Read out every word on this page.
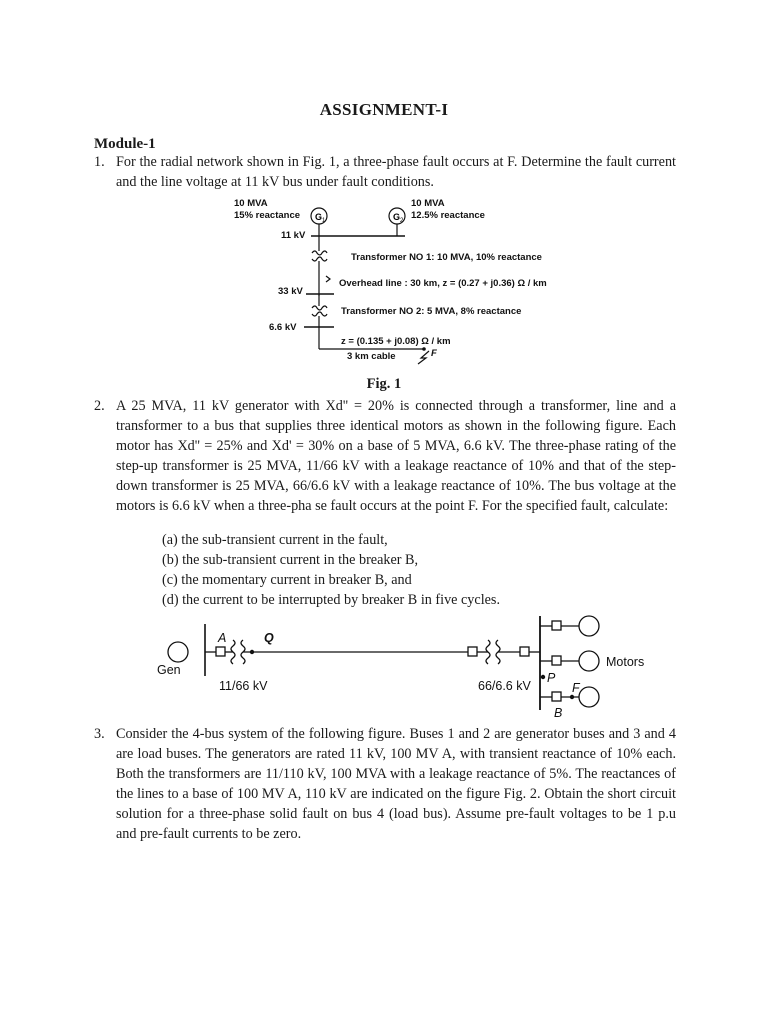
ASSIGNMENT-I
Module-1
1. For the radial network shown in Fig. 1, a three-phase fault occurs at F. Determine the fault current and the line voltage at 11 kV bus under fault conditions.

10 MVA
15% reactance
10 MVA
12.5% reactance
11 kV
Transformer NO 1: 10 MVA, 10% reactance
Overhead line : 30 km, z = (0.27 + j0.36) Ω / km
33 kV
Transformer NO 2: 5 MVA, 8% reactance
6.6 kV
z = (0.135 + j0.08) Ω / km
3 km cable	F
G 1	G 2
Fig. 1
2. A 25 MVA, 11 kV generator with Xd'' = 20% is connected through a transformer, line and a transformer to a bus that supplies three identical motors as shown in the following figure. Each motor has Xd'' = 25% and Xd' = 30% on a base of 5 MVA, 6.6 kV. The three-phase rating of the step-up transformer is 25 MVA, 11/66 kV with a leakage reactance of 10% and that of the step-down transformer is 25 MVA, 66/6.6 kV with a leakage reactance of 10%. The bus voltage at the motors is 6.6 kV when a three-pha se fault occurs at the point F. For the specified fault, calculate:

(a) the sub-transient current in the fault,
(b) the sub-transient current in the breaker B,
(c) the momentary current in breaker B, and
(d) the current to be interrupted by breaker B in five cycles.
Gen
A	Q
11/66 kV	66/6.6 kV
P
F
B
Motors
3. Consider the 4-bus system of the following figure. Buses 1 and 2 are generator buses and 3 and 4 are load buses. The generators are rated 11 kV, 100 MV A, with transient reactance of 10% each. Both the transformers are 11/110 kV, 100 MVA with a leakage reactance of 5%. The reactances of the lines to a base of 100 MV A, 110 kV are indicated on the figure Fig. 2. Obtain the short circuit solution for a three-phase solid fault on bus 4 (load bus). Assume pre-fault voltages to be 1 p.u and pre-fault currents to be zero.
